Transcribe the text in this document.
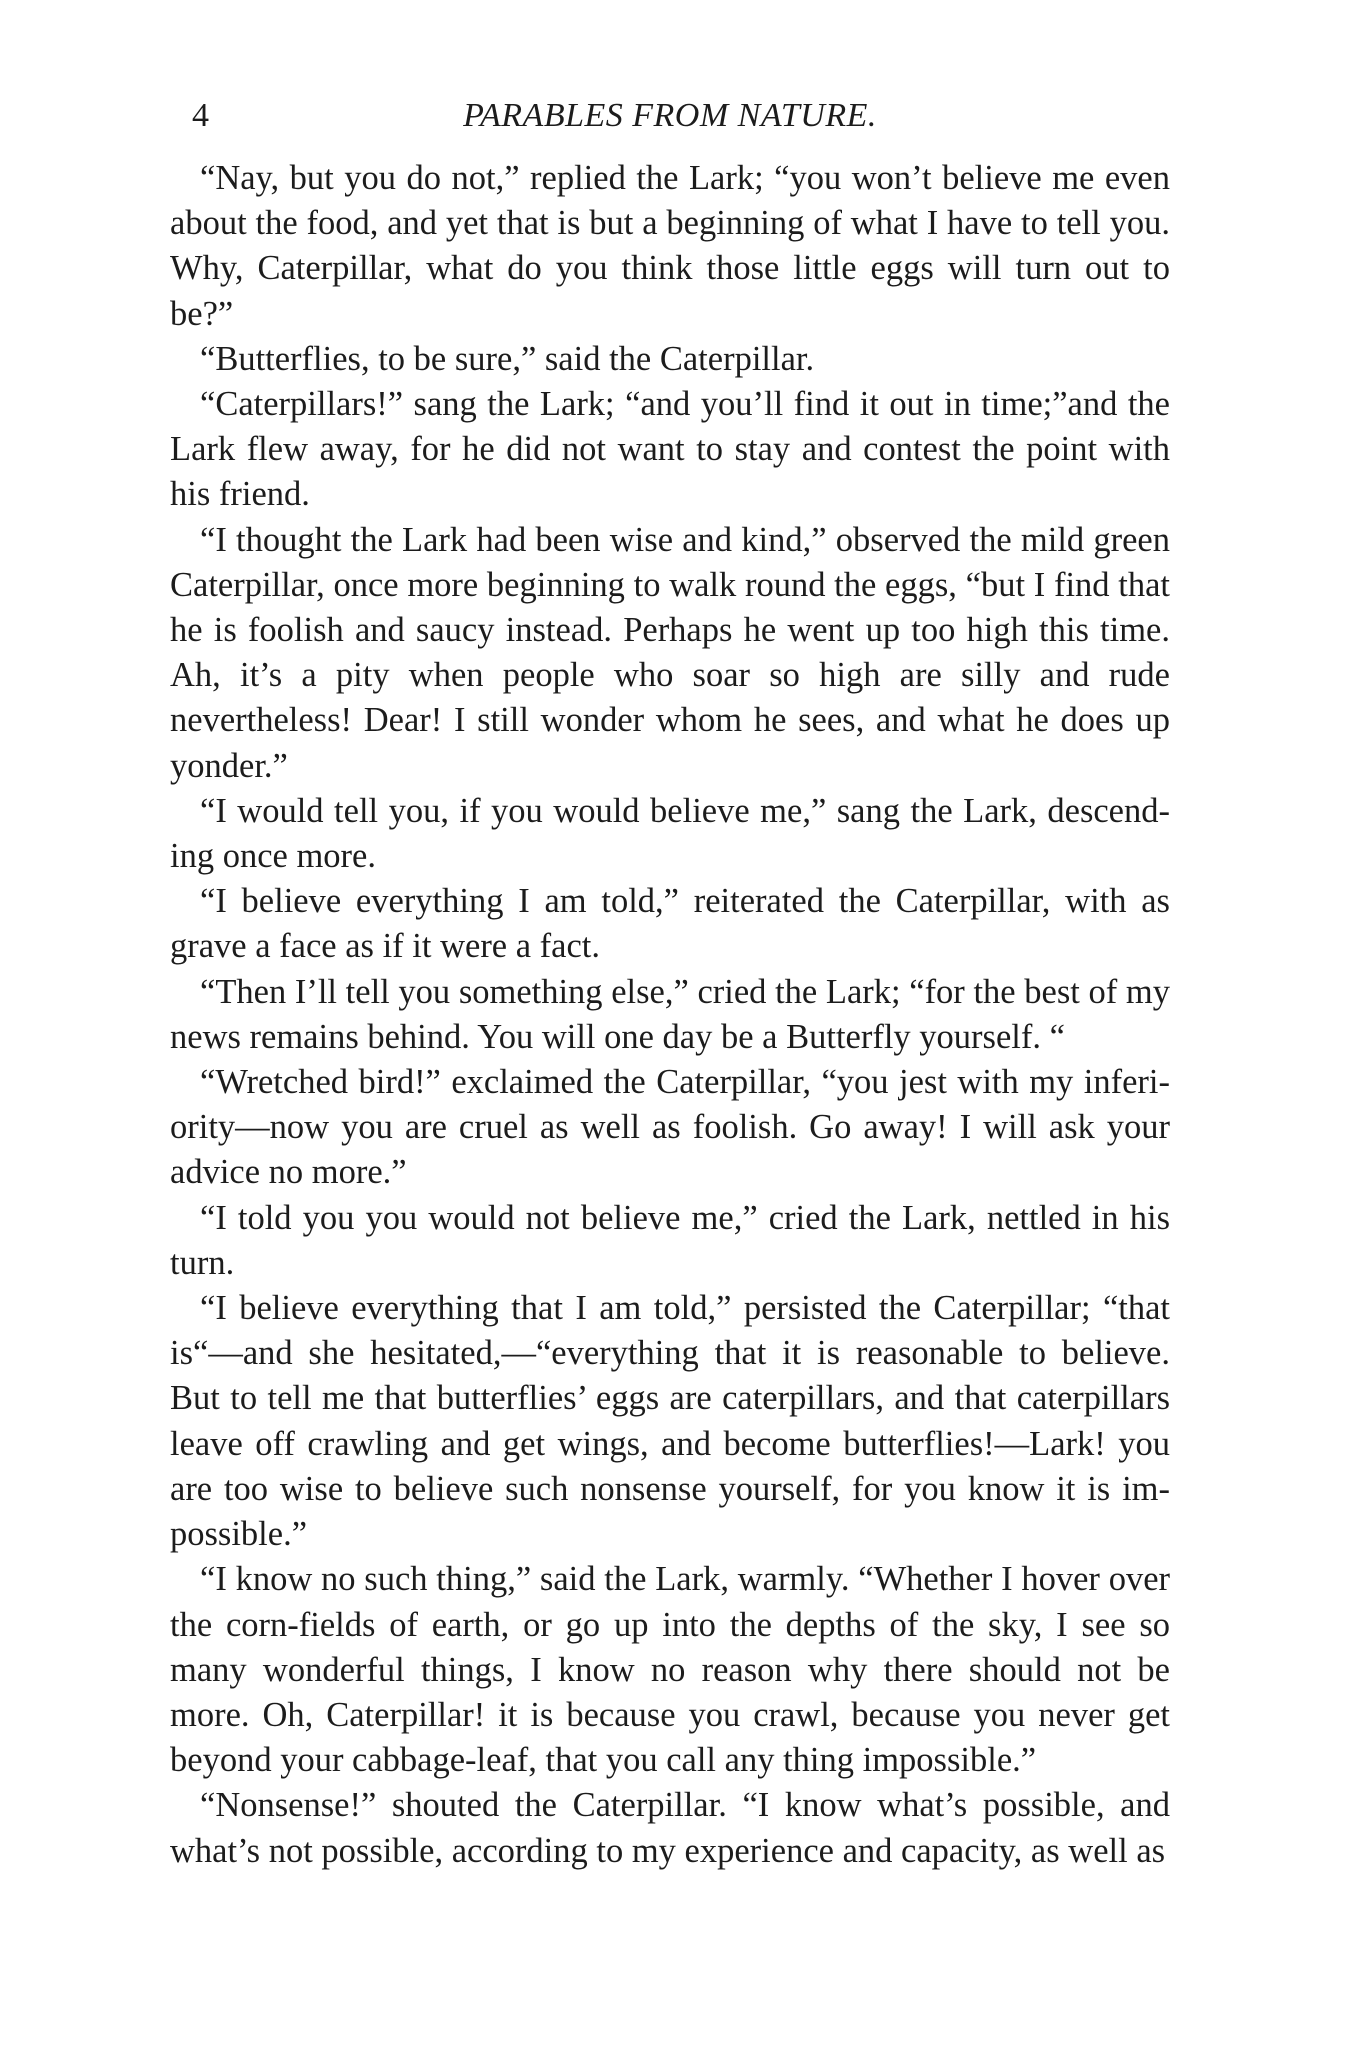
4	PARABLES FROM NATURE.

“Nay, but you do not,” replied the Lark; “you won’t believe me even about the food, and yet that is but a beginning of what I have to tell you. Why, Caterpillar, what do you think those little eggs will turn out to be?”

“Butterflies, to be sure,” said the Caterpillar.

“Caterpillars!” sang the Lark; “and you’ll find it out in time;”and the Lark flew away, for he did not want to stay and contest the point with his friend.

“I thought the Lark had been wise and kind,” observed the mild green Caterpillar, once more beginning to walk round the eggs, “but I find that he is foolish and saucy instead. Perhaps he went up too high this time. Ah, it’s a pity when people who soar so high are silly and rude nevertheless! Dear! I still wonder whom he sees, and what he does up yonder.”

“I would tell you, if you would believe me,” sang the Lark, descending once more.

“I believe everything I am told,” reiterated the Caterpillar, with as grave a face as if it were a fact.

“Then I’ll tell you something else,” cried the Lark; “for the best of my news remains behind. You will one day be a Butterfly yourself. “

“Wretched bird!” exclaimed the Caterpillar, “you jest with my inferiority—now you are cruel as well as foolish. Go away! I will ask your advice no more.”

“I told you you would not believe me,” cried the Lark, nettled in his turn.

“I believe everything that I am told,” persisted the Caterpillar; “that is“—and she hesitated,—“everything that it is reasonable to believe. But to tell me that butterflies’ eggs are caterpillars, and that caterpillars leave off crawling and get wings, and become butterflies!—Lark! you are too wise to believe such nonsense yourself, for you know it is impossible.”

“I know no such thing,” said the Lark, warmly. “Whether I hover over the corn-fields of earth, or go up into the depths of the sky, I see so many wonderful things, I know no reason why there should not be more. Oh, Caterpillar! it is because you crawl, because you never get beyond your cabbage-leaf, that you call any thing impossible.”

“Nonsense!” shouted the Caterpillar. “I know what’s possible, and what’s not possible, according to my experience and capacity, as well as
